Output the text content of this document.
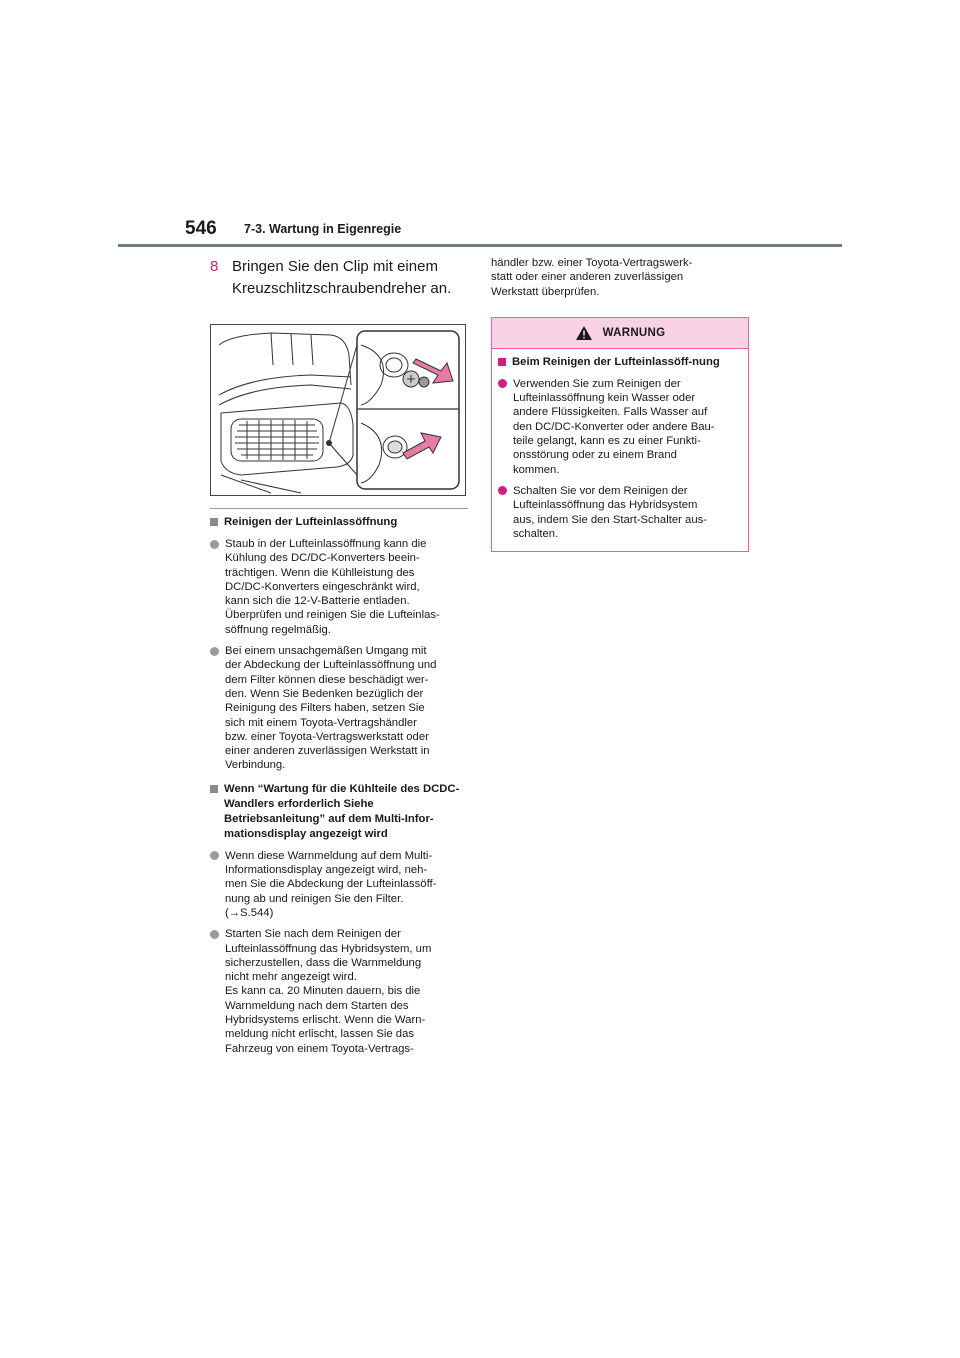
546 7-3. Wartung in Eigenregie
8 Bringen Sie den Clip mit einem Kreuzschlitzschraubendreher an.
Reinigen der Lufteinlassöffnung
Staub in der Lufteinlassöffnung kann die
Kühlung des DC/DC-Konverters beein-
trächtigen. Wenn die Kühlleistung des
DC/DC-Konverters eingeschränkt wird,
kann sich die 12-V-Batterie entladen.
Überprüfen und reinigen Sie die Lufteinlas-
söffnung regelmäßig.
Bei einem unsachgemäßen Umgang mit
der Abdeckung der Lufteinlassöffnung und
dem Filter können diese beschädigt wer-
den. Wenn Sie Bedenken bezüglich der
Reinigung des Filters haben, setzen Sie
sich mit einem Toyota-Vertragshändler
bzw. einer Toyota-Vertragswerkstatt oder
einer anderen zuverlässigen Werkstatt in
Verbindung.
Wenn “Wartung für die Kühlteile des DCDC-Wandlers erforderlich Siehe Betriebsanleitung” auf dem Multi-Infor-mationsdisplay angezeigt wird
Wenn diese Warnmeldung auf dem Multi-
Informationsdisplay angezeigt wird, neh-
men Sie die Abdeckung der Lufteinlassöff-
nung ab und reinigen Sie den Filter.
(→S.544)
Starten Sie nach dem Reinigen der
Lufteinlassöffnung das Hybridsystem, um
sicherzustellen, dass die Warnmeldung
nicht mehr angezeigt wird.
Es kann ca. 20 Minuten dauern, bis die
Warnmeldung nach dem Starten des
Hybridsystems erlischt. Wenn die Warn-
meldung nicht erlischt, lassen Sie das
Fahrzeug von einem Toyota-Vertrags-
händler bzw. einer Toyota-Vertragswerk-
statt oder einer anderen zuverlässigen
Werkstatt überprüfen.
WARNUNG
Beim Reinigen der Lufteinlassöff-nung
Verwenden Sie zum Reinigen der
Lufteinlassöffnung kein Wasser oder
andere Flüssigkeiten. Falls Wasser auf
den DC/DC-Konverter oder andere Bau-
teile gelangt, kann es zu einer Funkti-
onsstörung oder zu einem Brand
kommen.
Schalten Sie vor dem Reinigen der
Lufteinlassöffnung das Hybridsystem
aus, indem Sie den Start-Schalter aus-
schalten.
